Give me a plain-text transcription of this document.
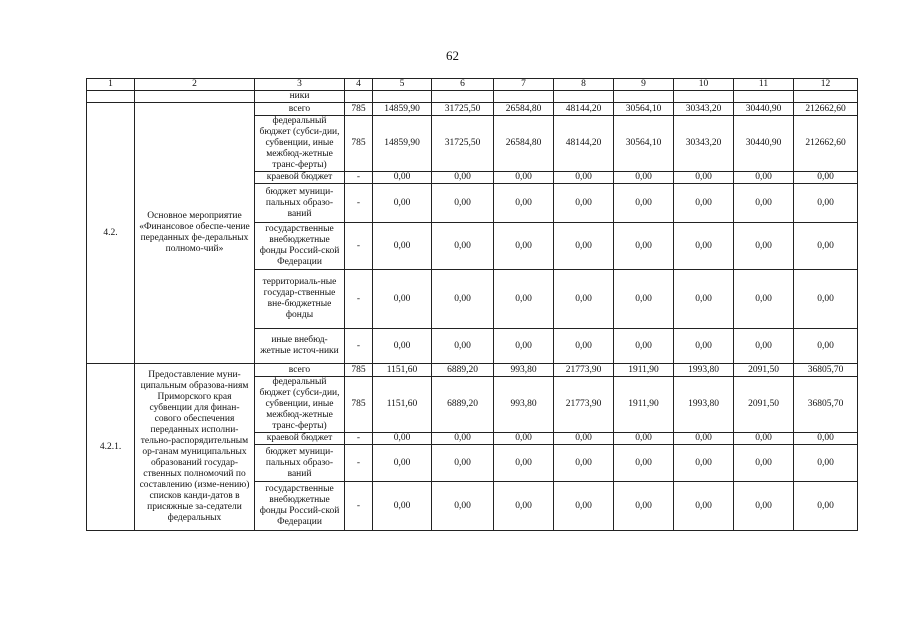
62
1	2	3	4	5	6	7	8	9	10	11	12
		ники									
4.2.	Основное мероприятие «Финансовое обеспе-чение переданных фе-деральных полномо-чий»	всего	785	14859,90	31725,50	26584,80	48144,20	30564,10	30343,20	30440,90	212662,60
		федеральный бюджет (субси-дии, субвенции, иные межбюд-жетные транс-ферты)	785	14859,90	31725,50	26584,80	48144,20	30564,10	30343,20	30440,90	212662,60
		краевой бюджет	-	0,00	0,00	0,00	0,00	0,00	0,00	0,00	0,00
		бюджет муници-пальных образо-ваний	-	0,00	0,00	0,00	0,00	0,00	0,00	0,00	0,00
		государственные внебюджетные фонды Россий-ской Федерации	-	0,00	0,00	0,00	0,00	0,00	0,00	0,00	0,00
		территориаль-ные государ-ственные вне-бюджетные фонды	-	0,00	0,00	0,00	0,00	0,00	0,00	0,00	0,00
		иные внебюд-жетные источ-ники	-	0,00	0,00	0,00	0,00	0,00	0,00	0,00	0,00
4.2.1.	Предоставление муни-ципальным образова-ниям Приморского края субвенции для финан-сового обеспечения переданных исполни-тельно-распорядительным ор-ганам муниципальных образований государ-ственных полномочий по составлению (изме-нению) списков канди-датов в присяжные за-седатели федеральных	всего	785	1151,60	6889,20	993,80	21773,90	1911,90	1993,80	2091,50	36805,70
		федеральный бюджет (субси-дии, субвенции, иные межбюд-жетные транс-ферты)	785	1151,60	6889,20	993,80	21773,90	1911,90	1993,80	2091,50	36805,70
		краевой бюджет	-	0,00	0,00	0,00	0,00	0,00	0,00	0,00	0,00
		бюджет муници-пальных образо-ваний	-	0,00	0,00	0,00	0,00	0,00	0,00	0,00	0,00
		государственные внебюджетные фонды Россий-ской Федерации	-	0,00	0,00	0,00	0,00	0,00	0,00	0,00	0,00
